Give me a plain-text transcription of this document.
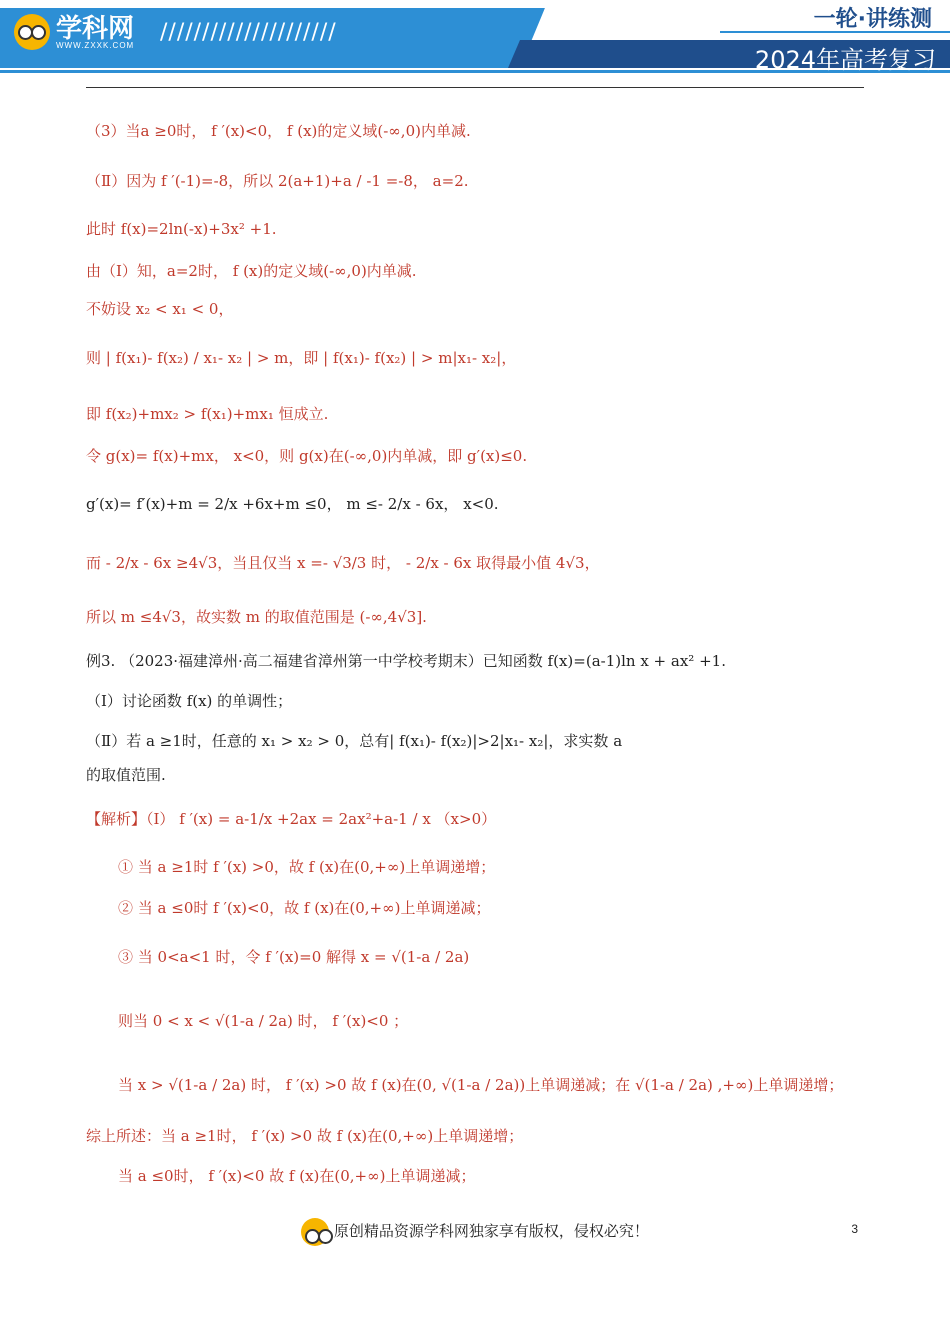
学科网
WWW.ZXXK.COM /////////////////////
一轮·讲练测
2024年高考复习
（3）当a ≥0时， f ′(x)<0， f (x)的定义域(-∞,0)内单减.
（Ⅱ）因为 f ′(-1)=-8，所以 2(a+1)+a / -1 =-8， a=2.
此时 f(x)=2ln(-x)+3x² +1.
由（Ⅰ）知，a=2时， f (x)的定义域(-∞,0)内单减.
不妨设 x₂ < x₁ < 0，
则 | f(x₁)- f(x₂) / x₁- x₂ | > m，即 | f(x₁)- f(x₂) | > m|x₁- x₂|，
即 f(x₂)+mx₂ > f(x₁)+mx₁ 恒成立.
令 g(x)= f(x)+mx， x<0，则 g(x)在(-∞,0)内单减，即 g′(x)≤0.
g′(x)= f′(x)+m = 2/x +6x+m ≤0， m ≤- 2/x - 6x， x<0.
而 - 2/x - 6x ≥4√3，当且仅当 x =- √3/3 时， - 2/x - 6x 取得最小值 4√3，
所以 m ≤4√3，故实数 m 的取值范围是 (-∞,4√3].
例3. （2023·福建漳州·高二福建省漳州第一中学校考期末）已知函数 f(x)=(a-1)ln x + ax² +1.
（Ⅰ）讨论函数 f(x) 的单调性；
（Ⅱ）若 a ≥1时，任意的 x₁ > x₂ > 0，总有| f(x₁)- f(x₂)|>2|x₁- x₂|，求实数 a
的取值范围.
【解析】（Ⅰ） f ′(x) = a-1/x +2ax = 2ax²+a-1 / x （x>0）
① 当 a ≥1时 f ′(x) >0，故 f (x)在(0,+∞)上单调递增；
② 当 a ≤0时 f ′(x)<0，故 f (x)在(0,+∞)上单调递减；
③ 当 0<a<1 时，令 f ′(x)=0 解得 x = √(1-a / 2a)
则当 0 < x < √(1-a / 2a) 时， f ′(x)<0 ；
当 x > √(1-a / 2a) 时， f ′(x) >0 故 f (x)在(0, √(1-a / 2a))上单调递减；在 √(1-a / 2a) ,+∞)上单调递增；
综上所述：当 a ≥1时， f ′(x) >0 故 f (x)在(0,+∞)上单调递增；
当 a ≤0时， f ′(x)<0 故 f (x)在(0,+∞)上单调递减；
原创精品资源学科网独家享有版权，侵权必究！	3
